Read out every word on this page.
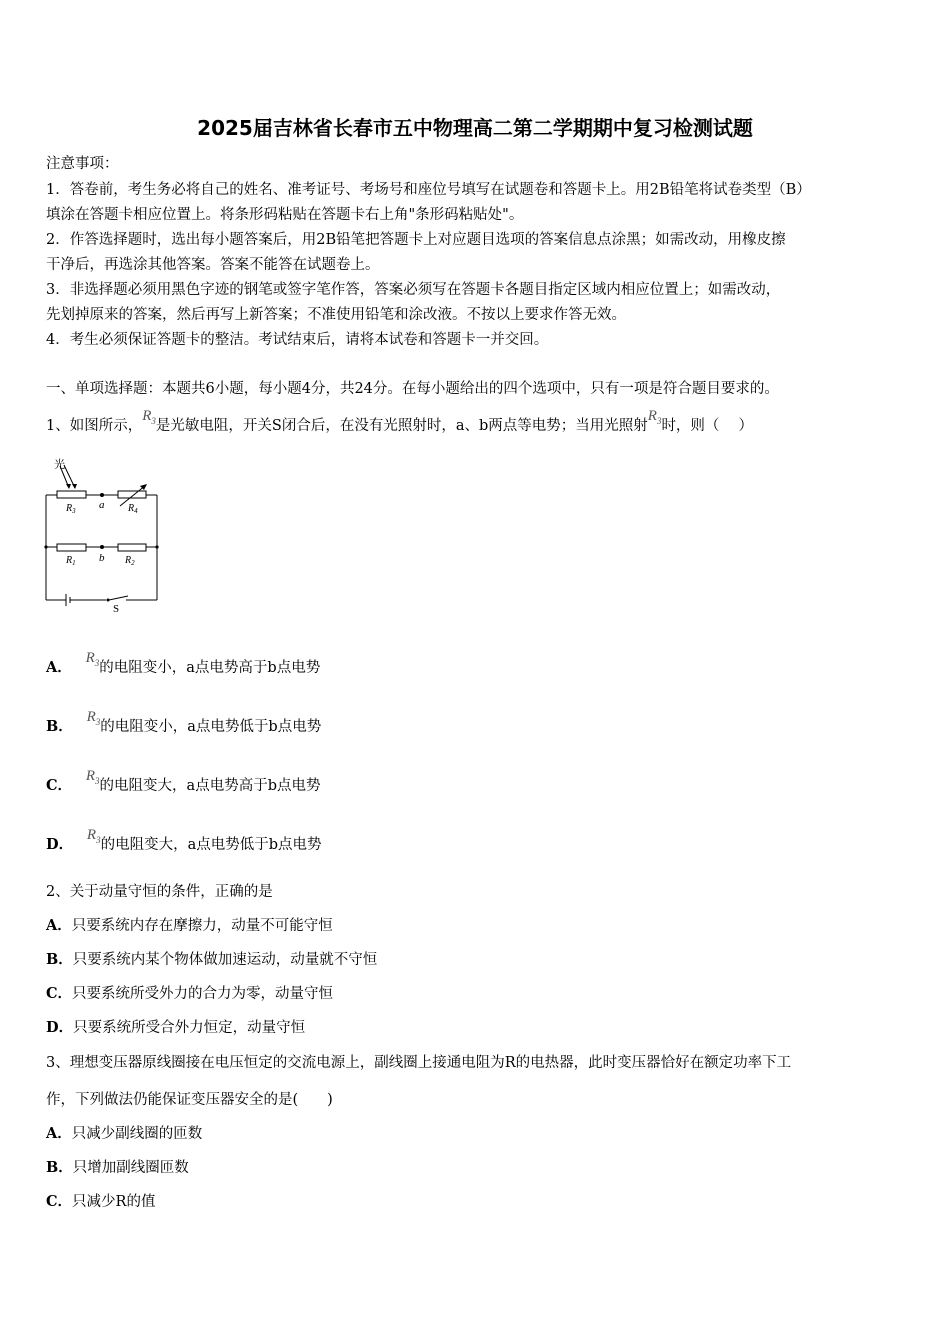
2025届吉林省长春市五中物理高二第二学期期中复习检测试题
注意事项：
1．答卷前，考生务必将自己的姓名、准考证号、考场号和座位号填写在试题卷和答题卡上。用2B铅笔将试卷类型（B）
填涂在答题卡相应位置上。将条形码粘贴在答题卡右上角"条形码粘贴处"。
2．作答选择题时，选出每小题答案后，用2B铅笔把答题卡上对应题目选项的答案信息点涂黑；如需改动，用橡皮擦
干净后，再选涂其他答案。答案不能答在试题卷上。
3．非选择题必须用黑色字迹的钢笔或签字笔作答，答案必须写在答题卡各题目指定区域内相应位置上；如需改动，
先划掉原来的答案，然后再写上新答案；不准使用铅笔和涂改液。不按以上要求作答无效。
4．考生必须保证答题卡的整洁。考试结束后，请将本试卷和答题卡一并交回。
一、单项选择题：本题共6小题，每小题4分，共24分。在每小题给出的四个选项中，只有一项是符合题目要求的。
1、如图所示，$R_3$是光敏电阻，开关S闭合后，在没有光照射时，a、b两点等电势；当用光照射$R_3$时，则（　 ）
光
$R_3$ a $R_4$
$R_1$ b $R_2$
S
A．   $R_3$的电阻变小，a点电势高于b点电势
B．   $R_3$的电阻变小，a点电势低于b点电势
C．   $R_3$的电阻变大，a点电势高于b点电势
D．   $R_3$的电阻变大，a点电势低于b点电势
2、关于动量守恒的条件，正确的是
A．只要系统内存在摩擦力，动量不可能守恒
B．只要系统内某个物体做加速运动，动量就不守恒
C．只要系统所受外力的合力为零，动量守恒
D．只要系统所受合外力恒定，动量守恒
3、理想变压器原线圈接在电压恒定的交流电源上，副线圈上接通电阻为R的电热器，此时变压器恰好在额定功率下工
作，下列做法仍能保证变压器安全的是(　　)
A．只减少副线圈的匝数
B．只增加副线圈匝数
C．只减少R的值
